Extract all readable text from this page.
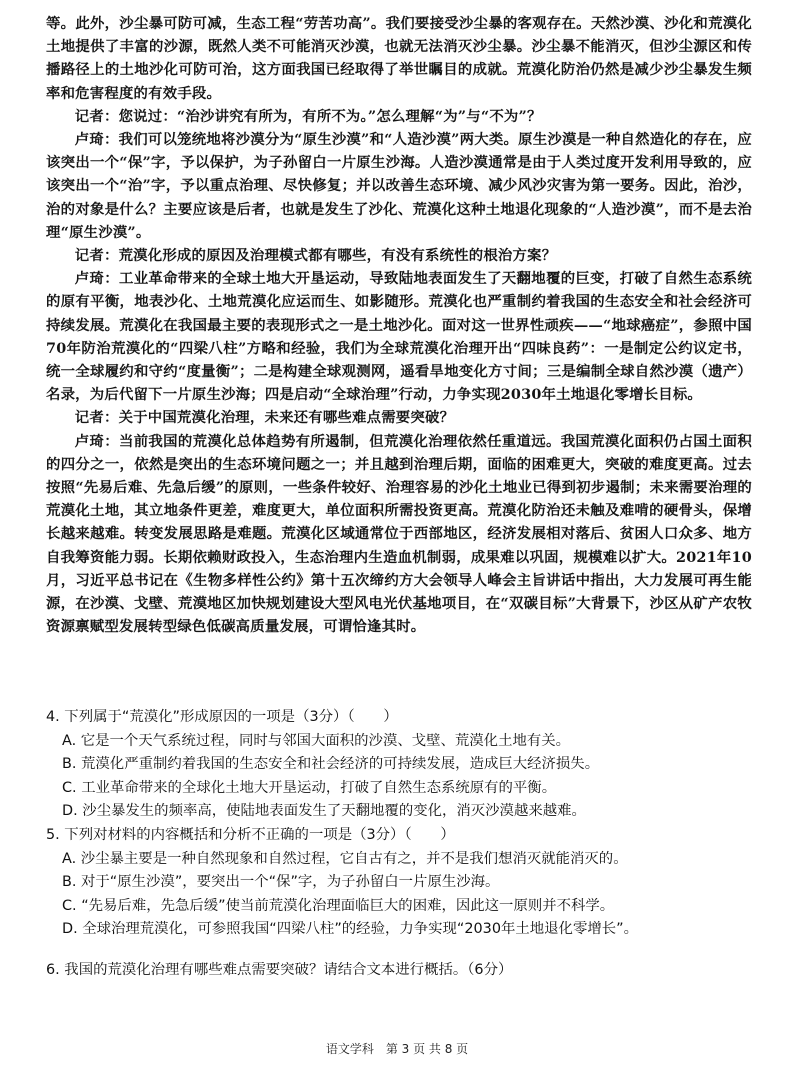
等。此外，沙尘暴可防可减，生态工程“劳苦功高”。我们要接受沙尘暴的客观存在。天然沙漠、沙化和荒漠化土地提供了丰富的沙源，既然人类不可能消灭沙漠，也就无法消灭沙尘暴。沙尘暴不能消灭，但沙尘源区和传播路径上的土地沙化可防可治，这方面我国已经取得了举世瞩目的成就。荒漠化防治仍然是减少沙尘暴发生频率和危害程度的有效手段。

记者：您说过：“治沙讲究有所为，有所不为。”怎么理解“为”与“不为”？

卢琦：我们可以笼统地将沙漠分为“原生沙漠”和“人造沙漠”两大类。原生沙漠是一种自然造化的存在，应该突出一个“保”字，予以保护，为子孙留白一片原生沙海。人造沙漠通常是由于人类过度开发利用导致的，应该突出一个“治”字，予以重点治理、尽快修复；并以改善生态环境、减少风沙灾害为第一要务。因此，治沙，治的对象是什么？主要应该是后者，也就是发生了沙化、荒漠化这种土地退化现象的“人造沙漠”，而不是去治理“原生沙漠”。

记者：荒漠化形成的原因及治理模式都有哪些，有没有系统性的根治方案？

卢琦：工业革命带来的全球土地大开垦运动，导致陆地表面发生了天翻地覆的巨变，打破了自然生态系统的原有平衡，地表沙化、土地荒漠化应运而生、如影随形。荒漠化也严重制约着我国的生态安全和社会经济可持续发展。荒漠化在我国最主要的表现形式之一是土地沙化。面对这一世界性顽疾——“地球癌症”，参照中国70年防治荒漠化的“四梁八柱”方略和经验，我们为全球荒漠化治理开出“四味良药”：一是制定公约议定书，统一全球履约和守约“度量衡”；二是构建全球观测网，遥看旱地变化方寸间；三是编制全球自然沙漠（遗产）名录，为后代留下一片原生沙海；四是启动“全球治理”行动，力争实现2030年土地退化零增长目标。

记者：关于中国荒漠化治理，未来还有哪些难点需要突破？

卢琦：当前我国的荒漠化总体趋势有所遏制，但荒漠化治理依然任重道远。我国荒漠化面积仍占国土面积的四分之一，依然是突出的生态环境问题之一；并且越到治理后期，面临的困难更大，突破的难度更高。过去按照“先易后难、先急后缓”的原则，一些条件较好、治理容易的沙化土地业已得到初步遏制；未来需要治理的荒漠化土地，其立地条件更差，难度更大，单位面积所需投资更高。荒漠化防治还未触及难啃的硬骨头，保增长越来越难。转变发展思路是难题。荒漠化区域通常位于西部地区，经济发展相对落后、贫困人口众多、地方自我筹资能力弱。长期依赖财政投入，生态治理内生造血机制弱，成果难以巩固，规模难以扩大。2021年10月，习近平总书记在《生物多样性公约》第十五次缔约方大会领导人峰会主旨讲话中指出，大力发展可再生能源，在沙漠、戈壁、荒漠地区加快规划建设大型风电光伏基地项目，在“双碳目标”大背景下，沙区从矿产农牧资源禀赋型发展转型绿色低碳高质量发展，可谓恰逢其时。

4. 下列属于“荒漠化”形成原因的一项是（3分）（　　）

A. 它是一个天气系统过程，同时与邻国大面积的沙漠、戈壁、荒漠化土地有关。

B. 荒漠化严重制约着我国的生态安全和社会经济的可持续发展，造成巨大经济损失。

C. 工业革命带来的全球化土地大开垦运动，打破了自然生态系统原有的平衡。

D. 沙尘暴发生的频率高，使陆地表面发生了天翻地覆的变化，消灭沙漠越来越难。

5. 下列对材料的内容概括和分析不正确的一项是（3分）（　　）

A. 沙尘暴主要是一种自然现象和自然过程，它自古有之，并不是我们想消灭就能消灭的。

B. 对于“原生沙漠”，要突出一个“保”字，为子孙留白一片原生沙海。

C. “先易后难，先急后缓”使当前荒漠化治理面临巨大的困难，因此这一原则并不科学。

D. 全球治理荒漠化，可参照我国“四梁八柱”的经验，力争实现“2030年土地退化零增长”。

6. 我国的荒漠化治理有哪些难点需要突破？请结合文本进行概括。（6分）

语文学科　第 3 页 共 8 页
